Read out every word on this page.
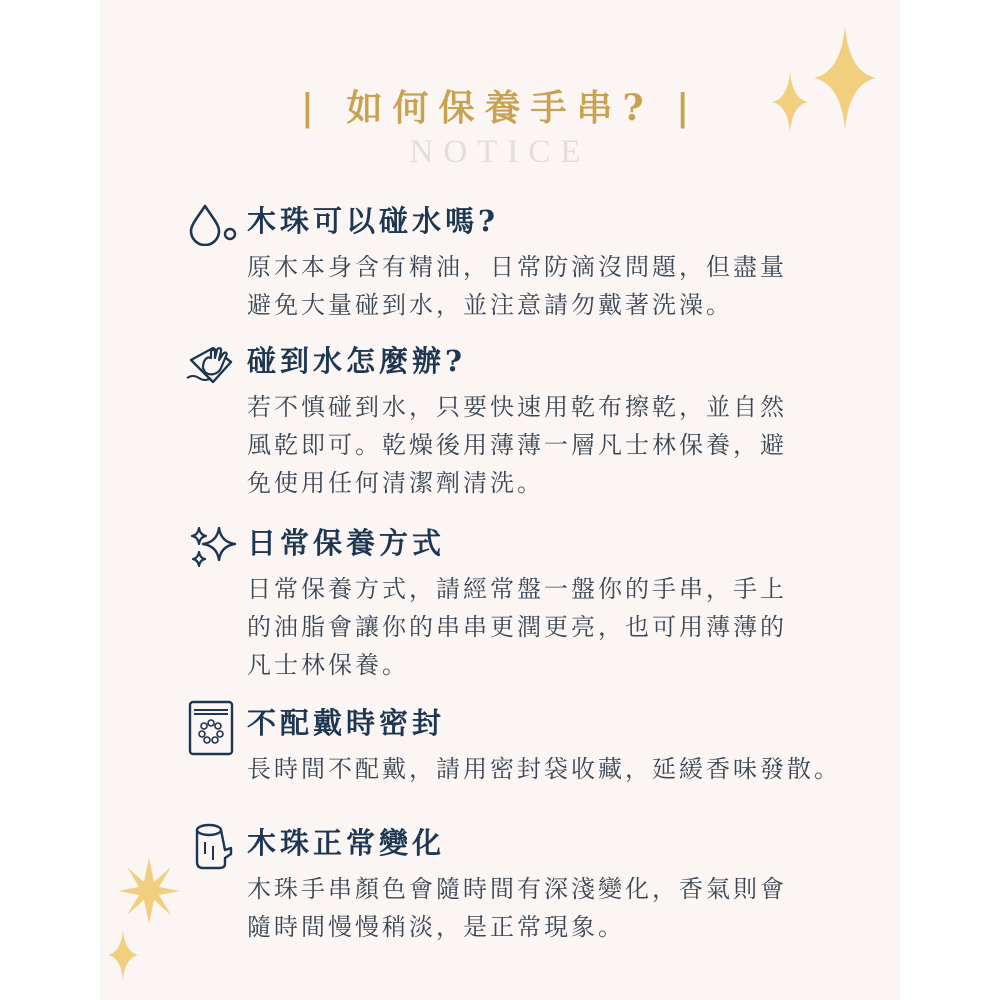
| 如何保養手串? |
NOTICE
木珠可以碰水嗎?

原木本身含有精油，日常防滴沒問題，但盡量
避免大量碰到水，並注意請勿戴著洗澡。

碰到水怎麼辦?

若不慎碰到水，只要快速用乾布擦乾，並自然
風乾即可。乾燥後用薄薄一層凡士林保養，避
免使用任何清潔劑清洗。

日常保養方式

日常保養方式，請經常盤一盤你的手串，手上
的油脂會讓你的串串更潤更亮，也可用薄薄的
凡士林保養。

不配戴時密封

長時間不配戴，請用密封袋收藏，延緩香味發散。

木珠正常變化

木珠手串顏色會隨時間有深淺變化，香氣則會
隨時間慢慢稍淡，是正常現象。
